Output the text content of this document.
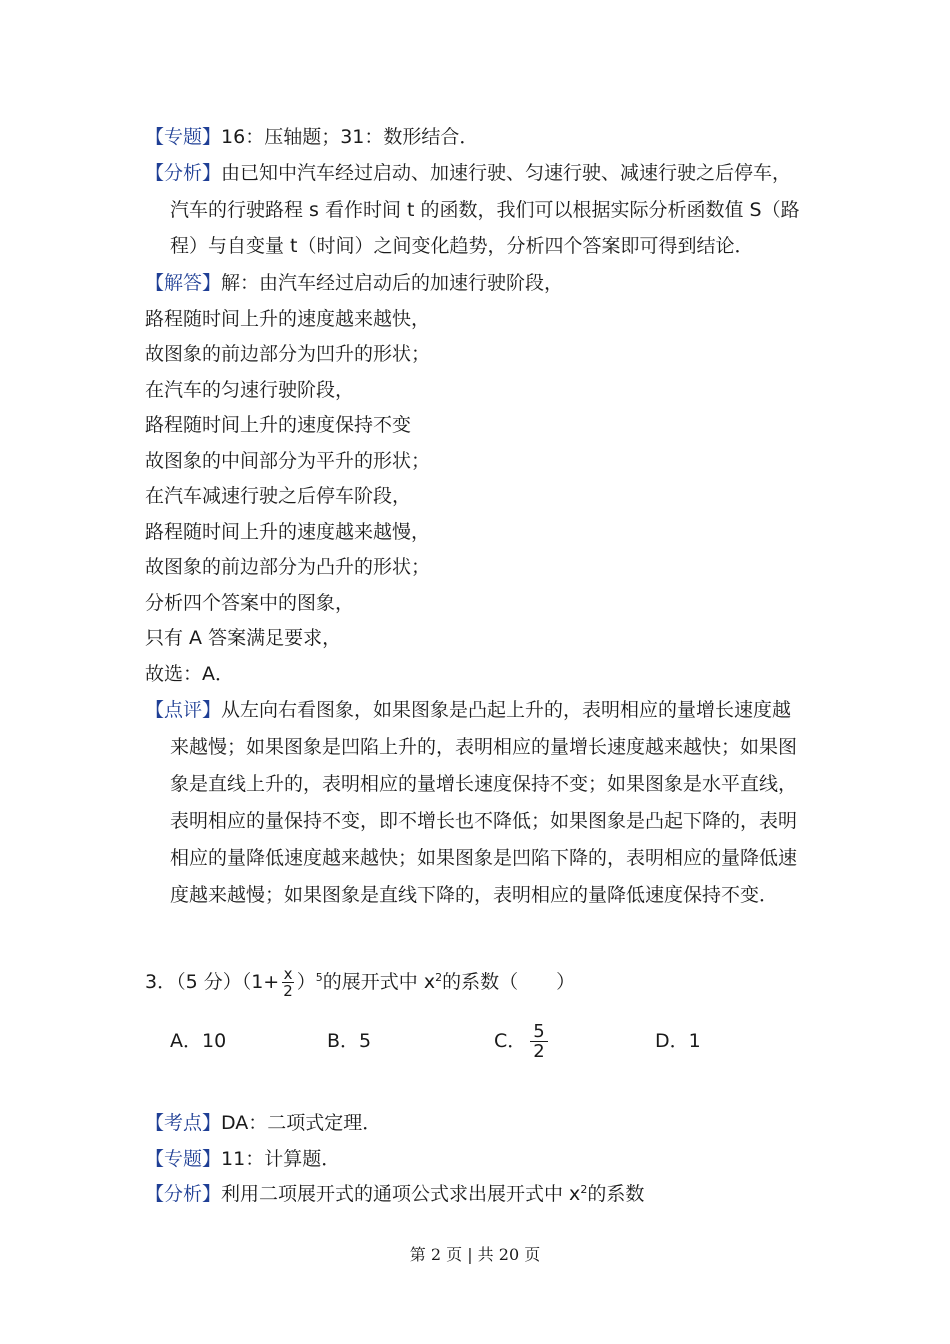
【专题】16：压轴题；31：数形结合．
【分析】由已知中汽车经过启动、加速行驶、匀速行驶、减速行驶之后停车，
汽车的行驶路程 s 看作时间 t 的函数，我们可以根据实际分析函数值 S（路
程）与自变量 t（时间）之间变化趋势，分析四个答案即可得到结论．
【解答】解：由汽车经过启动后的加速行驶阶段，
路程随时间上升的速度越来越快，
故图象的前边部分为凹升的形状；
在汽车的匀速行驶阶段，
路程随时间上升的速度保持不变
故图象的中间部分为平升的形状；
在汽车减速行驶之后停车阶段，
路程随时间上升的速度越来越慢，
故图象的前边部分为凸升的形状；
分析四个答案中的图象，
只有 A 答案满足要求，
故选：A．
【点评】从左向右看图象，如果图象是凸起上升的，表明相应的量增长速度越
来越慢；如果图象是凹陷上升的，表明相应的量增长速度越来越快；如果图
象是直线上升的，表明相应的量增长速度保持不变；如果图象是水平直线，
表明相应的量保持不变，即不增长也不降低；如果图象是凸起下降的，表明
相应的量降低速度越来越快；如果图象是凹陷下降的，表明相应的量降低速
度越来越慢；如果图象是直线下降的，表明相应的量降低速度保持不变．
3．（5 分）$(1+ \frac{x}{2} )^5$的展开式中 $x^2$的系数（　　）
A．10	B．5	C． $\frac{5}{2}$	D．1
【考点】DA：二项式定理．
【专题】11：计算题．
【分析】利用二项展开式的通项公式求出展开式中 $x^2$的系数
第 2 页 | 共 20 页
